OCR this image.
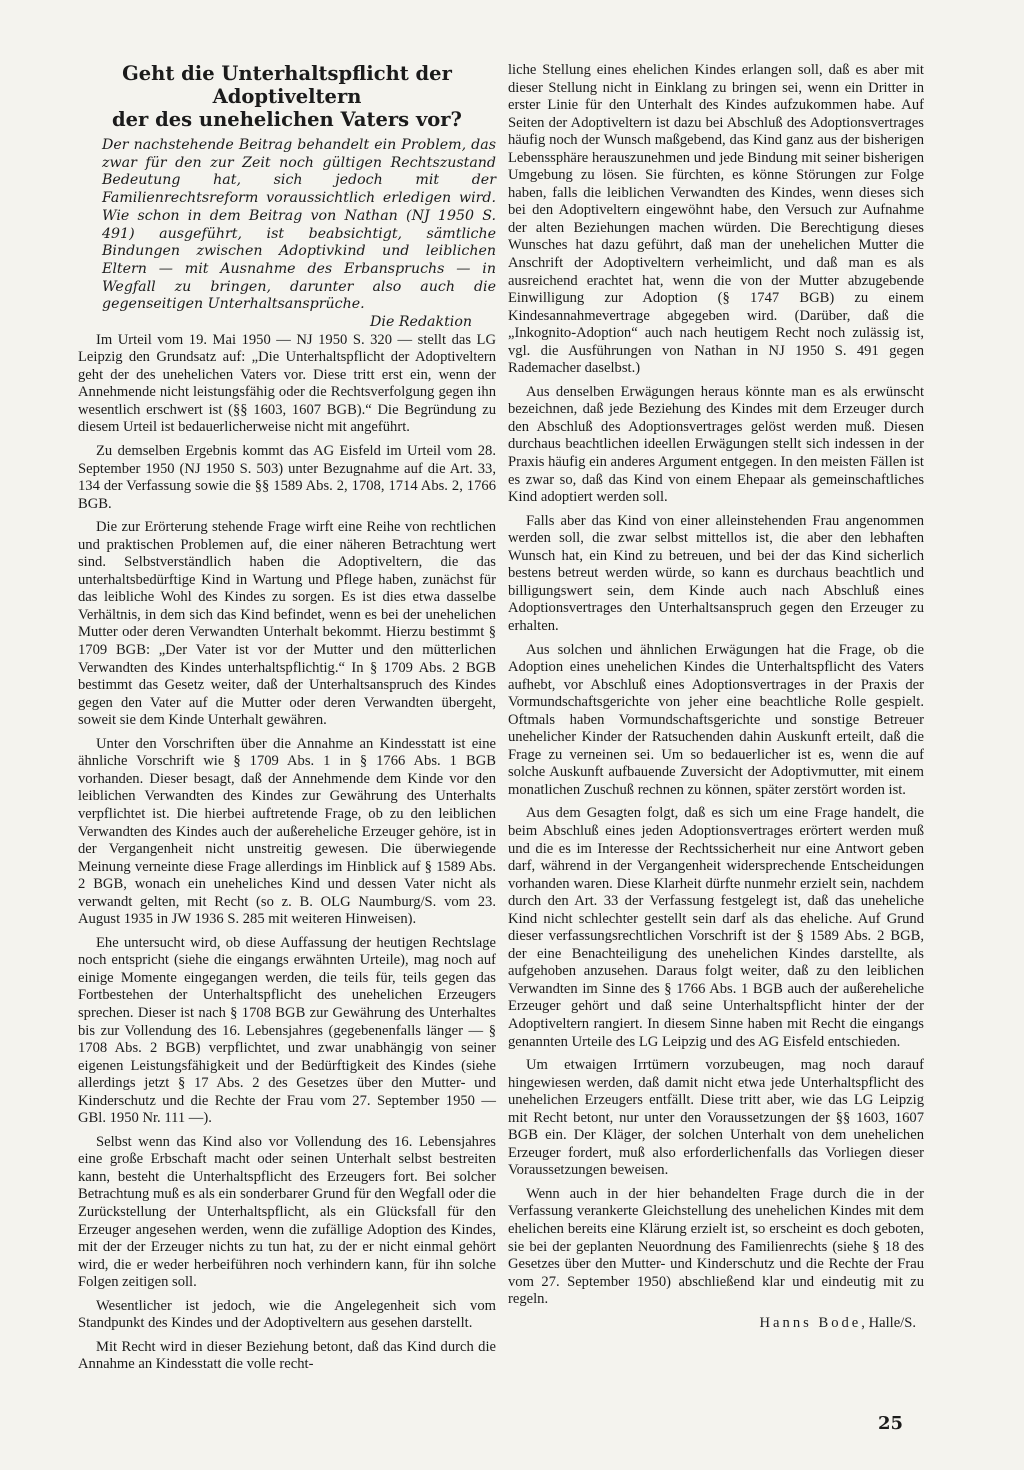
Geht die Unterhaltspflicht der Adoptiveltern
der des unehelichen Vaters vor?
Der nachstehende Beitrag behandelt ein Problem, das zwar für den zur Zeit noch gültigen Rechtszustand Bedeutung hat, sich jedoch mit der Familienrechtsreform voraussichtlich erledigen wird. Wie schon in dem Beitrag von Nathan (NJ 1950 S. 491) ausgeführt, ist beabsichtigt, sämtliche Bindungen zwischen Adoptivkind und leiblichen Eltern — mit Ausnahme des Erbanspruchs — in Wegfall zu bringen, darunter also auch die gegenseitigen Unterhaltsansprüche.
Die Redaktion

Im Urteil vom 19. Mai 1950 — NJ 1950 S. 320 — stellt das LG Leipzig den Grundsatz auf: „Die Unterhaltspflicht der Adoptiveltern geht der des unehelichen Vaters vor. Diese tritt erst ein, wenn der Annehmende nicht leistungsfähig oder die Rechtsverfolgung gegen ihn wesentlich erschwert ist (§§ 1603, 1607 BGB).“ Die Begründung zu diesem Urteil ist bedauerlicherweise nicht mit angeführt.

Zu demselben Ergebnis kommt das AG Eisfeld im Urteil vom 28. September 1950 (NJ 1950 S. 503) unter Bezugnahme auf die Art. 33, 134 der Verfassung sowie die §§ 1589 Abs. 2, 1708, 1714 Abs. 2, 1766 BGB.

Die zur Erörterung stehende Frage wirft eine Reihe von rechtlichen und praktischen Problemen auf, die einer näheren Betrachtung wert sind. Selbstverständlich haben die Adoptiveltern, die das unterhaltsbedürftige Kind in Wartung und Pflege haben, zunächst für das leibliche Wohl des Kindes zu sorgen. Es ist dies etwa dasselbe Verhältnis, in dem sich das Kind befindet, wenn es bei der unehelichen Mutter oder deren Verwandten Unterhalt bekommt. Hierzu bestimmt § 1709 BGB: „Der Vater ist vor der Mutter und den mütterlichen Verwandten des Kindes unterhaltspflichtig.“ In § 1709 Abs. 2 BGB bestimmt das Gesetz weiter, daß der Unterhaltsanspruch des Kindes gegen den Vater auf die Mutter oder deren Verwandten übergeht, soweit sie dem Kinde Unterhalt gewähren.

Unter den Vorschriften über die Annahme an Kindesstatt ist eine ähnliche Vorschrift wie § 1709 Abs. 1 in § 1766 Abs. 1 BGB vorhanden. Dieser besagt, daß der Annehmende dem Kinde vor den leiblichen Verwandten des Kindes zur Gewährung des Unterhalts verpflichtet ist. Die hierbei auftretende Frage, ob zu den leiblichen Verwandten des Kindes auch der außereheliche Erzeuger gehöre, ist in der Vergangenheit nicht unstreitig gewesen. Die überwiegende Meinung verneinte diese Frage allerdings im Hinblick auf § 1589 Abs. 2 BGB, wonach ein uneheliches Kind und dessen Vater nicht als verwandt gelten, mit Recht (so z. B. OLG Naumburg/S. vom 23. August 1935 in JW 1936 S. 285 mit weiteren Hinweisen).

Ehe untersucht wird, ob diese Auffassung der heutigen Rechtslage noch entspricht (siehe die eingangs erwähnten Urteile), mag noch auf einige Momente eingegangen werden, die teils für, teils gegen das Fortbestehen der Unterhaltspflicht des unehelichen Erzeugers sprechen. Dieser ist nach § 1708 BGB zur Gewährung des Unterhaltes bis zur Vollendung des 16. Lebensjahres (gegebenenfalls länger — § 1708 Abs. 2 BGB) verpflichtet, und zwar unabhängig von seiner eigenen Leistungsfähigkeit und der Bedürftigkeit des Kindes (siehe allerdings jetzt § 17 Abs. 2 des Gesetzes über den Mutter- und Kinderschutz und die Rechte der Frau vom 27. September 1950 — GBl. 1950 Nr. 111 —).

Selbst wenn das Kind also vor Vollendung des 16. Lebensjahres eine große Erbschaft macht oder seinen Unterhalt selbst bestreiten kann, besteht die Unterhaltspflicht des Erzeugers fort. Bei solcher Betrachtung muß es als ein sonderbarer Grund für den Wegfall oder die Zurückstellung der Unterhaltspflicht, als ein Glücksfall für den Erzeuger angesehen werden, wenn die zufällige Adoption des Kindes, mit der der Erzeuger nichts zu tun hat, zu der er nicht einmal gehört wird, die er weder herbeiführen noch verhindern kann, für ihn solche Folgen zeitigen soll.

Wesentlicher ist jedoch, wie die Angelegenheit sich vom Standpunkt des Kindes und der Adoptiveltern aus gesehen darstellt.

Mit Recht wird in dieser Beziehung betont, daß das Kind durch die Annahme an Kindesstatt die volle recht-

liche Stellung eines ehelichen Kindes erlangen soll, daß es aber mit dieser Stellung nicht in Einklang zu bringen sei, wenn ein Dritter in erster Linie für den Unterhalt des Kindes aufzukommen habe. Auf Seiten der Adoptiveltern ist dazu bei Abschluß des Adoptionsvertrages häufig noch der Wunsch maßgebend, das Kind ganz aus der bisherigen Lebenssphäre herauszunehmen und jede Bindung mit seiner bisherigen Umgebung zu lösen. Sie fürchten, es könne Störungen zur Folge haben, falls die leiblichen Verwandten des Kindes, wenn dieses sich bei den Adoptiveltern eingewöhnt habe, den Versuch zur Aufnahme der alten Beziehungen machen würden. Die Berechtigung dieses Wunsches hat dazu geführt, daß man der unehelichen Mutter die Anschrift der Adoptiveltern verheimlicht, und daß man es als ausreichend erachtet hat, wenn die von der Mutter abzugebende Einwilligung zur Adoption (§ 1747 BGB) zu einem Kindesannahmevertrage abgegeben wird. (Darüber, daß die „Inkognito-Adoption“ auch nach heutigem Recht noch zulässig ist, vgl. die Ausführungen von Nathan in NJ 1950 S. 491 gegen Rademacher daselbst.)

Aus denselben Erwägungen heraus könnte man es als erwünscht bezeichnen, daß jede Beziehung des Kindes mit dem Erzeuger durch den Abschluß des Adoptionsvertrages gelöst werden muß. Diesen durchaus beachtlichen ideellen Erwägungen stellt sich indessen in der Praxis häufig ein anderes Argument entgegen. In den meisten Fällen ist es zwar so, daß das Kind von einem Ehepaar als gemeinschaftliches Kind adoptiert werden soll.

Falls aber das Kind von einer alleinstehenden Frau angenommen werden soll, die zwar selbst mittellos ist, die aber den lebhaften Wunsch hat, ein Kind zu betreuen, und bei der das Kind sicherlich bestens betreut werden würde, so kann es durchaus beachtlich und billigungswert sein, dem Kinde auch nach Abschluß eines Adoptionsvertrages den Unterhaltsanspruch gegen den Erzeuger zu erhalten.

Aus solchen und ähnlichen Erwägungen hat die Frage, ob die Adoption eines unehelichen Kindes die Unterhaltspflicht des Vaters aufhebt, vor Abschluß eines Adoptionsvertrages in der Praxis der Vormundschaftsgerichte von jeher eine beachtliche Rolle gespielt. Oftmals haben Vormundschaftsgerichte und sonstige Betreuer unehelicher Kinder der Ratsuchenden dahin Auskunft erteilt, daß die Frage zu verneinen sei. Um so bedauerlicher ist es, wenn die auf solche Auskunft aufbauende Zuversicht der Adoptivmutter, mit einem monatlichen Zuschuß rechnen zu können, später zerstört worden ist.

Aus dem Gesagten folgt, daß es sich um eine Frage handelt, die beim Abschluß eines jeden Adoptionsvertrages erörtert werden muß und die es im Interesse der Rechtssicherheit nur eine Antwort geben darf, während in der Vergangenheit widersprechende Entscheidungen vorhanden waren. Diese Klarheit dürfte nunmehr erzielt sein, nachdem durch den Art. 33 der Verfassung festgelegt ist, daß das uneheliche Kind nicht schlechter gestellt sein darf als das eheliche. Auf Grund dieser verfassungsrechtlichen Vorschrift ist der § 1589 Abs. 2 BGB, der eine Benachteiligung des unehelichen Kindes darstellte, als aufgehoben anzusehen. Daraus folgt weiter, daß zu den leiblichen Verwandten im Sinne des § 1766 Abs. 1 BGB auch der außereheliche Erzeuger gehört und daß seine Unterhaltspflicht hinter der der Adoptiveltern rangiert. In diesem Sinne haben mit Recht die eingangs genannten Urteile des LG Leipzig und des AG Eisfeld entschieden.

Um etwaigen Irrtümern vorzubeugen, mag noch darauf hingewiesen werden, daß damit nicht etwa jede Unterhaltspflicht des unehelichen Erzeugers entfällt. Diese tritt aber, wie das LG Leipzig mit Recht betont, nur unter den Voraussetzungen der §§ 1603, 1607 BGB ein. Der Kläger, der solchen Unterhalt von dem unehelichen Erzeuger fordert, muß also erforderlichenfalls das Vorliegen dieser Voraussetzungen beweisen.

Wenn auch in der hier behandelten Frage durch die in der Verfassung verankerte Gleichstellung des unehelichen Kindes mit dem ehelichen bereits eine Klärung erzielt ist, so erscheint es doch geboten, sie bei der geplanten Neuordnung des Familienrechts (siehe § 18 des Gesetzes über den Mutter- und Kinderschutz und die Rechte der Frau vom 27. September 1950) abschließend klar und eindeutig mit zu regeln.

Hanns Bode, Halle/S.
25
